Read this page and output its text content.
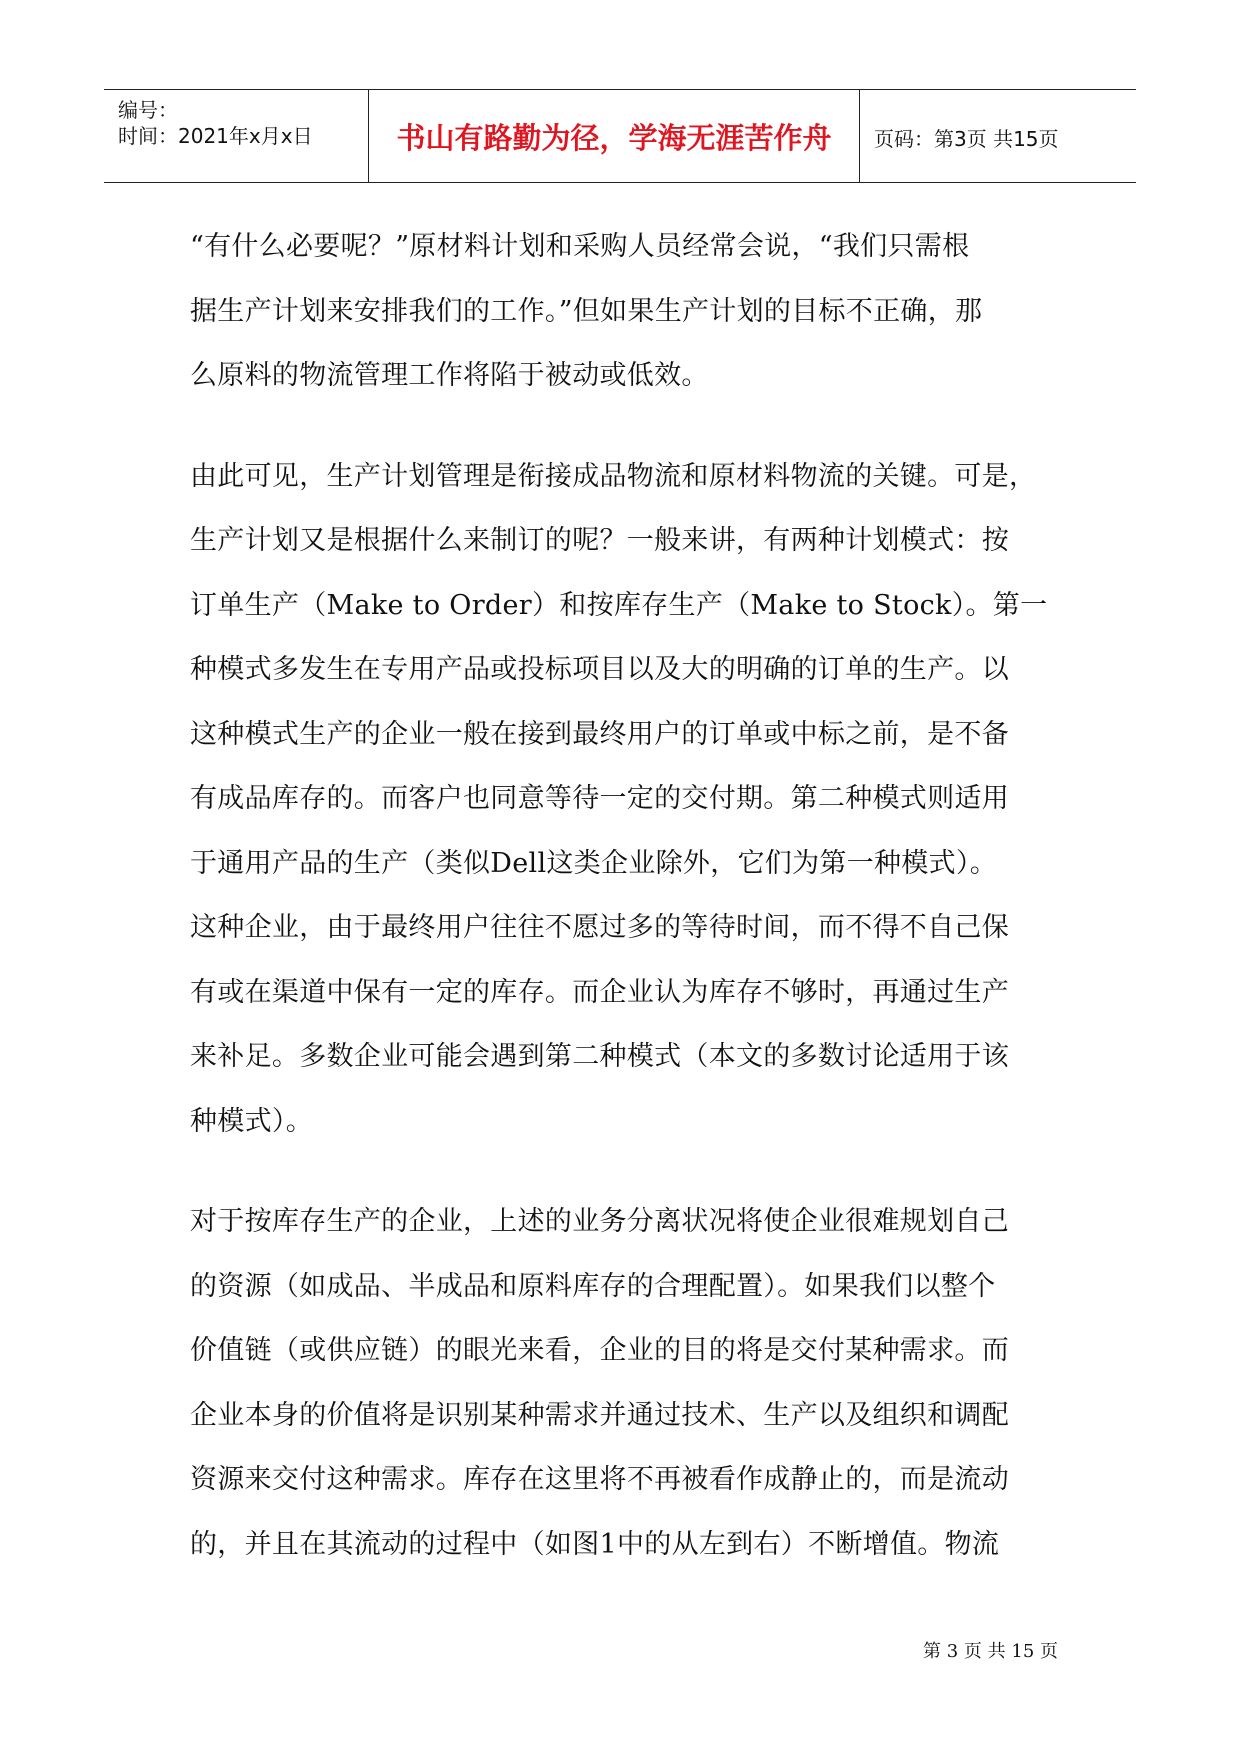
编号：
时间：2021年x月x日	书山有路勤为径，学海无涯苦作舟	页码：第3页 共15页

“有什么必要呢？”原材料计划和采购人员经常会说，“我们只需根
据生产计划来安排我们的工作。”但如果生产计划的目标不正确，那
么原料的物流管理工作将陷于被动或低效。

由此可见，生产计划管理是衔接成品物流和原材料物流的关键。可是，
生产计划又是根据什么来制订的呢？一般来讲，有两种计划模式：按
订单生产（Make to Order）和按库存生产（Make to Stock）。第一
种模式多发生在专用产品或投标项目以及大的明确的订单的生产。以
这种模式生产的企业一般在接到最终用户的订单或中标之前，是不备
有成品库存的。而客户也同意等待一定的交付期。第二种模式则适用
于通用产品的生产（类似Dell这类企业除外，它们为第一种模式）。
这种企业，由于最终用户往往不愿过多的等待时间，而不得不自己保
有或在渠道中保有一定的库存。而企业认为库存不够时，再通过生产
来补足。多数企业可能会遇到第二种模式（本文的多数讨论适用于该
种模式）。

对于按库存生产的企业，上述的业务分离状况将使企业很难规划自己
的资源（如成品、半成品和原料库存的合理配置）。如果我们以整个
价值链（或供应链）的眼光来看，企业的目的将是交付某种需求。而
企业本身的价值将是识别某种需求并通过技术、生产以及组织和调配
资源来交付这种需求。库存在这里将不再被看作成静止的，而是流动
的，并且在其流动的过程中（如图1中的从左到右）不断增值。物流

第 3 页 共 15 页
